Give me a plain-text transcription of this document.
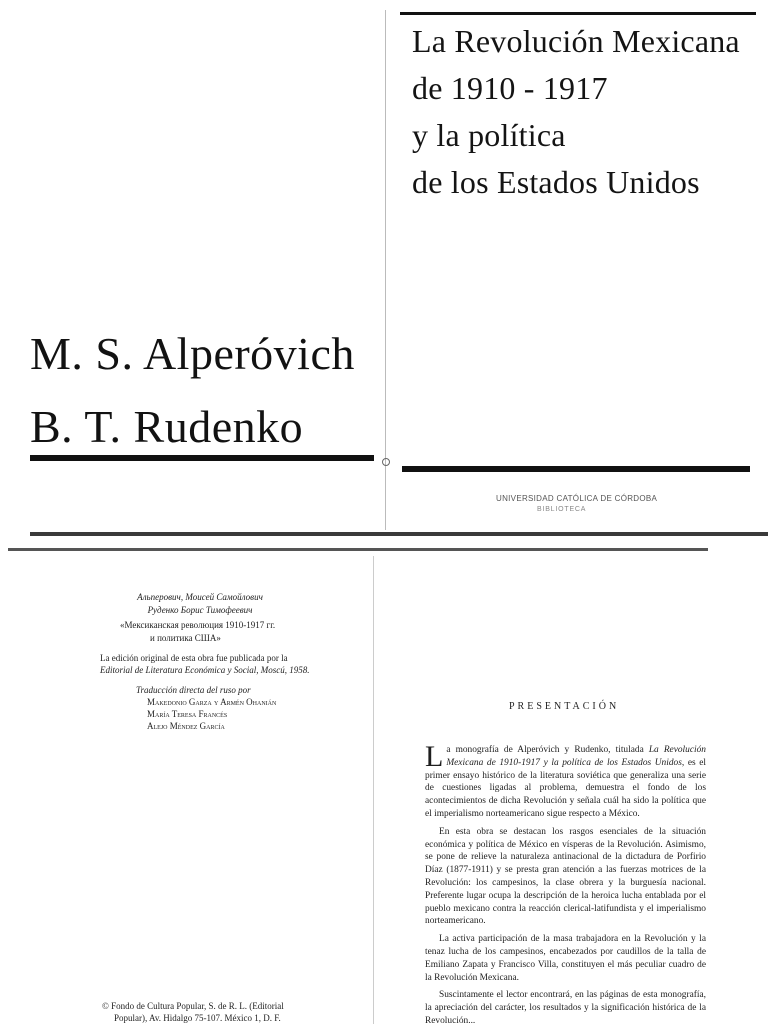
La Revolución Mexicana
de 1910 - 1917
y la política
de los Estados Unidos
M. S. Alperóvich
B. T. Rudenko
UNIVERSIDAD CATÓLICA DE CÓRDOBA
BIBLIOTECA
Альперович, Моисей Самойлович
Руденко Борис Тимофеевич
«Мексиканская революция 1910-1917 гг.
и политика США»
La edición original de esta obra fue publicada por la
Editorial de Literatura Económica y Social, Moscú, 1958.
Traducción directa del ruso por
Makedonio Garza y Armén Ohanián
María Teresa Francés
Alejo Méndez García
© Fondo de Cultura Popular, S. de R. L. (Editorial
Popular), Av. Hidalgo 75-107. México 1, D. F.
PRESENTACIÓN

La monografía de Alperóvich y Rudenko, titulada La Revolución Mexicana de 1910-1917 y la política de los Estados Unidos, es el primer ensayo histórico de la literatura soviética que generaliza una serie de cuestiones ligadas al problema, demuestra el fondo de los acontecimientos de dicha Revolución y señala cuál ha sido la política que el imperialismo norteamericano sigue respecto a México.

En esta obra se destacan los rasgos esenciales de la situación económica y política de México en vísperas de la Revolución. Asimismo, se pone de relieve la naturaleza antinacional de la dictadura de Porfirio Díaz (1877-1911) y se presta gran atención a las fuerzas motrices de la Revolución: los campesinos, la clase obrera y la burguesía nacional. Preferente lugar ocupa la descripción de la heroica lucha entablada por el pueblo mexicano contra la reacción clerical-latifundista y el imperialismo norteamericano.

La activa participación de la masa trabajadora en la Revolución y la tenaz lucha de los campesinos, encabezados por caudillos de la talla de Emiliano Zapata y Francisco Villa, constituyen el más peculiar cuadro de la Revolución Mexicana.

Suscintamente el lector encontrará, en las páginas de esta monografía, la apreciación del carácter, los resultados y la significación histórica de la Revolución...
